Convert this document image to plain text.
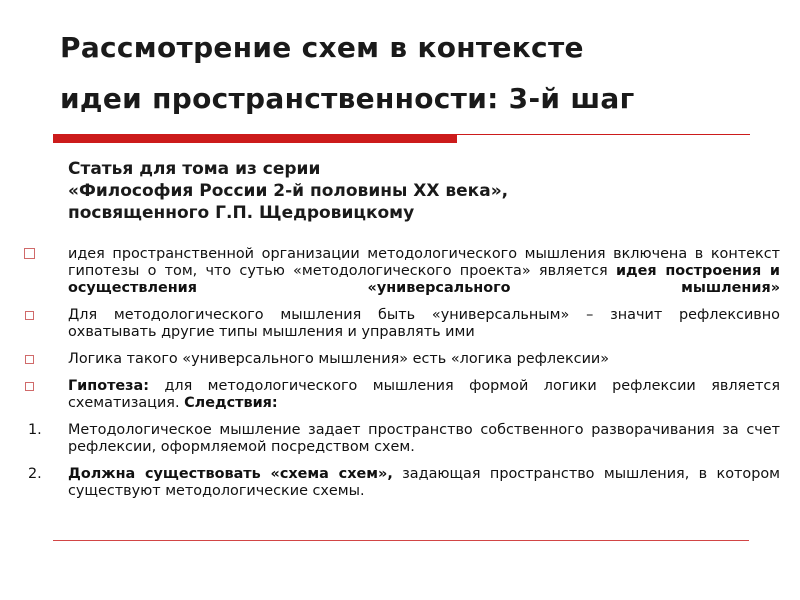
Рассмотрение схем в контексте
идеи пространственности: 3-й шаг
Статья для тома из серии
«Философия России 2-й половины XX века»,
посвященного Г.П. Щедровицкому

идея пространственной организации методологического мышления включена в контекст гипотезы о том, что сутью «методологического проекта» является идея построения и осуществления «универсального мышления»

Для методологического мышления быть «универсальным» – значит рефлексивно охватывать другие типы мышления и управлять ими

Логика такого «универсального мышления» есть «логика рефлексии»

Гипотеза: для методологического мышления формой логики рефлексии является схематизация. Следствия:

1. Методологическое мышление задает пространство собственного разворачивания за счет рефлексии, оформляемой посредством схем.

2. Должна существовать «схема схем», задающая пространство мышления, в котором существуют методологические схемы.
